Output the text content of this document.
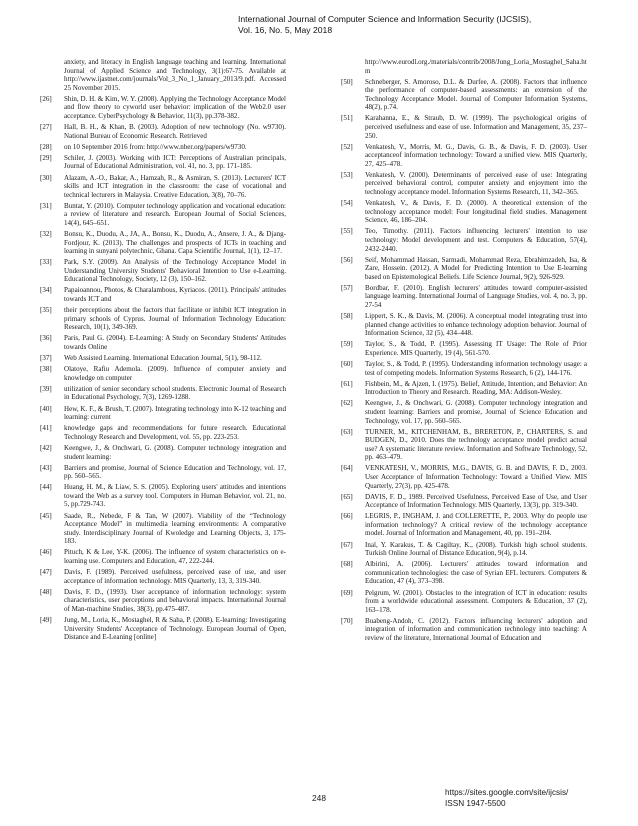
International Journal of Computer Science and Information Security (IJCSIS),
Vol. 16, No. 5, May 2018
anxiety, and literacy in English language teaching and learning. International Journal of Applied Science and Technology, 3(1):67-75. Available at http://www.ijastnet.com/journals/Vol_3_No_1_January_2013/9.pdf. Accessed 25 November 2015.
[26] Shin, D. H. & Kim, W. Y. (2008). Applying the Technology Acceptance Model and flow theory to cyworld user behavior: implication of the Web2.0 user acceptance. CyberPsychology & Behavior, 11(3), pp.378-382.
[27] Hall, B. H., & Khan, B. (2003). Adoption of new technology (No. w9730). National Bureau of Economic Research. Retrieved
[28] on 10 September 2016 from: http://www.nber.org/papers/w9730.
[29] Schiler, J. (2003). Working with ICT: Perceptions of Australian principals, Journal of Educational Administration, vol. 41, no. 3, pp. 171-185.
[30] Alazam, A.-O., Bakar, A., Hamzah, R., & Asmiran, S. (2013). Lecturers' ICT skills and ICT integration in the classroom: the case of vocational and technical lecturers in Malaysia. Creative Education, 3(8), 70–76.
[31] Buntat, Y. (2010). Computer technology application and vocational education: a review of literature and research. European Journal of Social Sciences, 14(4), 645–651.
[32] Bonsu, K., Duodu, A., JA, A., Bonsu, K., Duodu, A., Ansere, J. A., & Djang-Fordjour, K. (2013). The challenges and prospects of ICTs in teaching and learning in sunyani polytechnic, Ghana. Capa Scientific Journal, 1(1), 12–17.
[33] Park, S.Y. (2009). An Analysis of the Technology Acceptance Model in Understanding University Students' Behavioral Intention to Use e-Learning. Educational Technology, Society, 12 (3), 150–162.
[34] Papaioannou, Photos, & Charalambous, Kyriacos. (2011). Principals' attitudes towards ICT and
[35] their perceptions about the factors that facilitate or inhibit ICT integration in primary schools of Cyprus. Journal of Information Technology Education: Research, 10(1), 349-369.
[36] Paris, Paul G. (2004). E-Learning: A Study on Secondary Students' Attitudes towards Online
[37] Web Assisted Learning. International Education Journal, 5(1), 98-112.
[38] Olatoye, Rafiu Ademola. (2009). Influence of computer anxiety and knowledge on computer
[39] utilization of senior secondary school students. Electronic Journal of Research in Educational Psychology, 7(3), 1269-1288.
[40] Hew, K. F., & Brush, T. (2007). Integrating technology into K-12 teaching and learning: current
[41] knowledge gaps and recommendations for future research. Educational Technology Research and Development, vol. 55, pp. 223-253.
[42] Keengwe, J., & Onchwari, G. (2008). Computer technology integration and student learning:
[43] Barriers and promise, Journal of Science Education and Technology, vol. 17, pp. 560–565.
[44] Huang, H. M., & Liaw, S. S. (2005). Exploring users' attitudes and intentions toward the Web as a survey tool. Computers in Human Behavior, vol. 21, no. 5, pp.729-743.
[45] Saade, R., Nebede, F & Tan, W (2007). Viability of the “Technology Acceptance Model” in multimedia learning environments: A comparative study. Interdisciplinary Journal of Kwoledge and Learning Objects, 3, 175-183.
[46] Pituch, K & Lee, Y-K. (2006). The influence of system characteristics on e-learning use. Computers and Education, 47, 222-244.
[47] Davis, F. (1989). Perceived usefulness, perceived ease of use, and user acceptance of information technology. MIS Quarterly, 13, 3, 319-340.
[48] Davis, F. D., (1993). User acceptance of information technology: system characteristics, user perceptions and behavioral impacts. International Journal of Man-machine Studies, 38(3), pp.475-487.
[49] Jung, M., Loria, K., Mostaghel, R & Saha, P. (2008). E-learning: Investigating University Students' Acceptance of Technology. European Journal of Open, Distance and E-Leaning [online]
http://www.eurodl.org./materials/contrib/2008/Jung_Loria_Mostaghel_Saha.htm
[50] Schneberger, S. Amoroso, D.L. & Durfee, A. (2008). Factors that influence the performance of computer-based assessments: an extension of the Technology Acceptance Model. Journal of Computer Information Systems, 48(2), p.74.
[51] Karahanna, E., & Straub, D. W. (1999). The psychological origins of perceived usefulness and ease of use. Information and Management, 35, 237–250.
[52] Venkatesh, V., Morris, M. G., Davis, G. B., & Davis, F. D. (2003). User acceptanceof information technology: Toward a unified view. MIS Quarterly, 27, 425–478.
[53] Venkatesh, V. (2000). Determinants of perceived ease of use: Integrating perceived behavioral control, computer anxiety and enjoyment into the technology acceptance model. Information Systems Research, 11, 342–365.
[54] Venkatesh, V., & Davis, F. D. (2000). A theoretical extension of the technology acceptance model: Four longitudinal field studies. Management Science, 46, 186–204.
[55] Teo, Timothy. (2011). Factors influencing lecturers' intention to use technology: Model development and test. Computers & Education, 57(4), 2432-2440.
[56] Seif, Mohammad Hassan, Sarmadi, Mohammad Reza, Ebrahimzadeh, Isa, & Zare, Hossein. (2012). A Model for Predicting Intention to Use E-learning based on Epistemological Beliefs. Life Science Journal, 9(2), 926-929.
[57] Bordbar, F. (2010). English lecturers' attitudes toward computer-assisted language learning. International Journal of Language Studies, vol. 4, no. 3, pp. 27-54
[58] Lippert, S. K., & Davis, M. (2006). A conceptual model integrating trust into planned change activities to enhance technology adoption behavior. Journal of Information Science, 32 (5), 434–448.
[59] Taylor, S., & Todd, P. (1995). Assessing IT Usage: The Role of Prior Experience. MIS Quarterly, 19 (4), 561-570.
[60] Taylor, S., & Todd, P. (1995). Understanding information technology usage: a test of competing models. Information Systems Research, 6 (2), 144-176.
[61] Fishbein, M., & Ajzen, I. (1975). Belief, Attitude, Intention, and Behavior: An Introduction to Theory and Research. Reading, MA: Addison-Wesley.
[62] Keengwe, J., & Onchwari, G. (2008). Computer technology integration and student learning: Barriers and promise, Journal of Science Education and Technology, vol. 17, pp. 560–565.
[63] TURNER, M., KITCHENHAM, B., BRERETON, P., CHARTERS, S. and BUDGEN, D., 2010. Does the technology acceptance model predict actual use? A systematic literature review. Information and Software Technology, 52, pp. 463–479.
[64] VENKATESH, V., MORRIS, M.G., DAVIS, G. B. and DAVIS, F. D., 2003. User Acceptance of Information Technology: Toward a Unified View. MIS Quarterly, 27(3), pp. 425-478.
[65] DAVIS, F. D., 1989. Perceived Usefulness, Perceived Ease of Use, and User Acceptance of Information Technology. MIS Quarterly, 13(3), pp. 319-340.
[66] LEGRIS, P., INGHAM, J. and COLLERETTE, P., 2003. Why do people use information technology? A critical review of the technology acceptance model. Journal of Information and Management, 40, pp. 191–204.
[67] Inal, Y. Karakus, T. & Cagiltay, K., (2008). Turkish high school students. Turkish Online Journal of Distance Education, 9(4), p.14.
[68] Albirini, A. (2006). Lecturers' attitudes toward information and communication technologies: the case of Syrian EFL lecturers. Computers & Education, 47 (4), 373–398.
[69] Pelgrum, W. (2001). Obstacles to the integration of ICT in education: results from a worldwide educational assessment. Computers & Education, 37 (2), 163–178.
[70] Buabeng-Andoh, C. (2012). Factors influencing lecturers' adoption and integration of information and communication technology into teaching: A review of the literature, International Journal of Education and
248
https://sites.google.com/site/ijcsis/
ISSN 1947-5500
